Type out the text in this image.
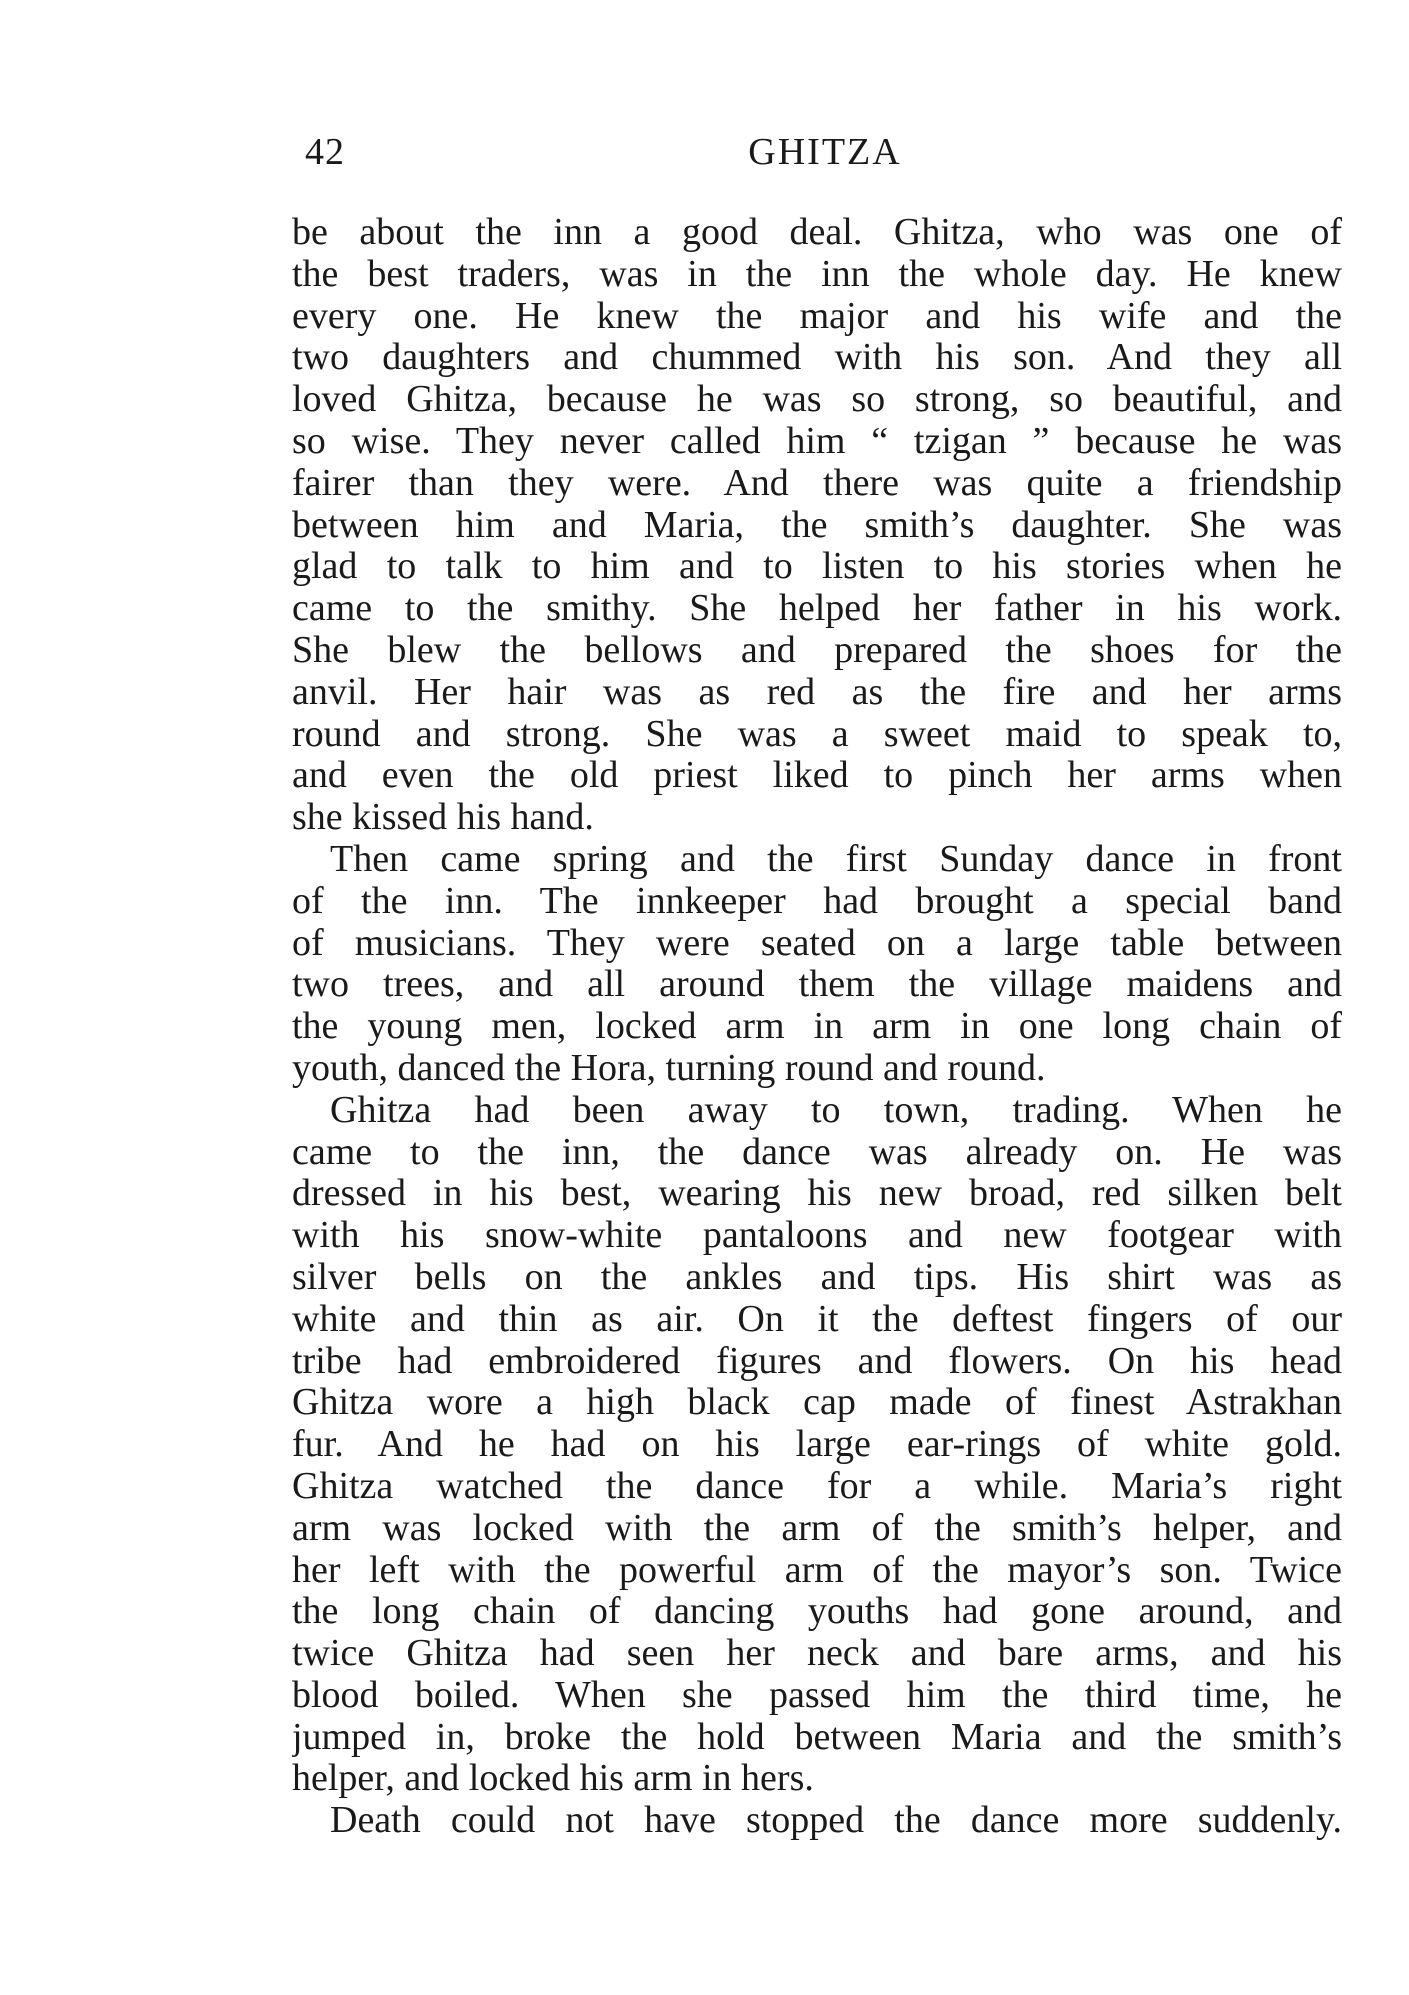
42	GHITZA
be about the inn a good deal. Ghitza, who was one of
the best traders, was in the inn the whole day. He knew
every one. He knew the major and his wife and the
two daughters and chummed with his son. And they all
loved Ghitza, because he was so strong, so beautiful, and
so wise. They never called him “ tzigan ” because he was
fairer than they were. And there was quite a friendship
between him and Maria, the smith’s daughter. She was
glad to talk to him and to listen to his stories when he
came to the smithy. She helped her father in his work.
She blew the bellows and prepared the shoes for the
anvil. Her hair was as red as the fire and her arms
round and strong. She was a sweet maid to speak to,
and even the old priest liked to pinch her arms when
she kissed his hand.
Then came spring and the first Sunday dance in front
of the inn. The innkeeper had brought a special band
of musicians. They were seated on a large table between
two trees, and all around them the village maidens and
the young men, locked arm in arm in one long chain of
youth, danced the Hora, turning round and round.
Ghitza had been away to town, trading. When he
came to the inn, the dance was already on. He was
dressed in his best, wearing his new broad, red silken belt
with his snow-white pantaloons and new footgear with
silver bells on the ankles and tips. His shirt was as
white and thin as air. On it the deftest fingers of our
tribe had embroidered figures and flowers. On his head
Ghitza wore a high black cap made of finest Astrakhan
fur. And he had on his large ear-rings of white gold.
Ghitza watched the dance for a while. Maria’s right
arm was locked with the arm of the smith’s helper, and
her left with the powerful arm of the mayor’s son. Twice
the long chain of dancing youths had gone around, and
twice Ghitza had seen her neck and bare arms, and his
blood boiled. When she passed him the third time, he
jumped in, broke the hold between Maria and the smith’s
helper, and locked his arm in hers.
Death could not have stopped the dance more suddenly.
